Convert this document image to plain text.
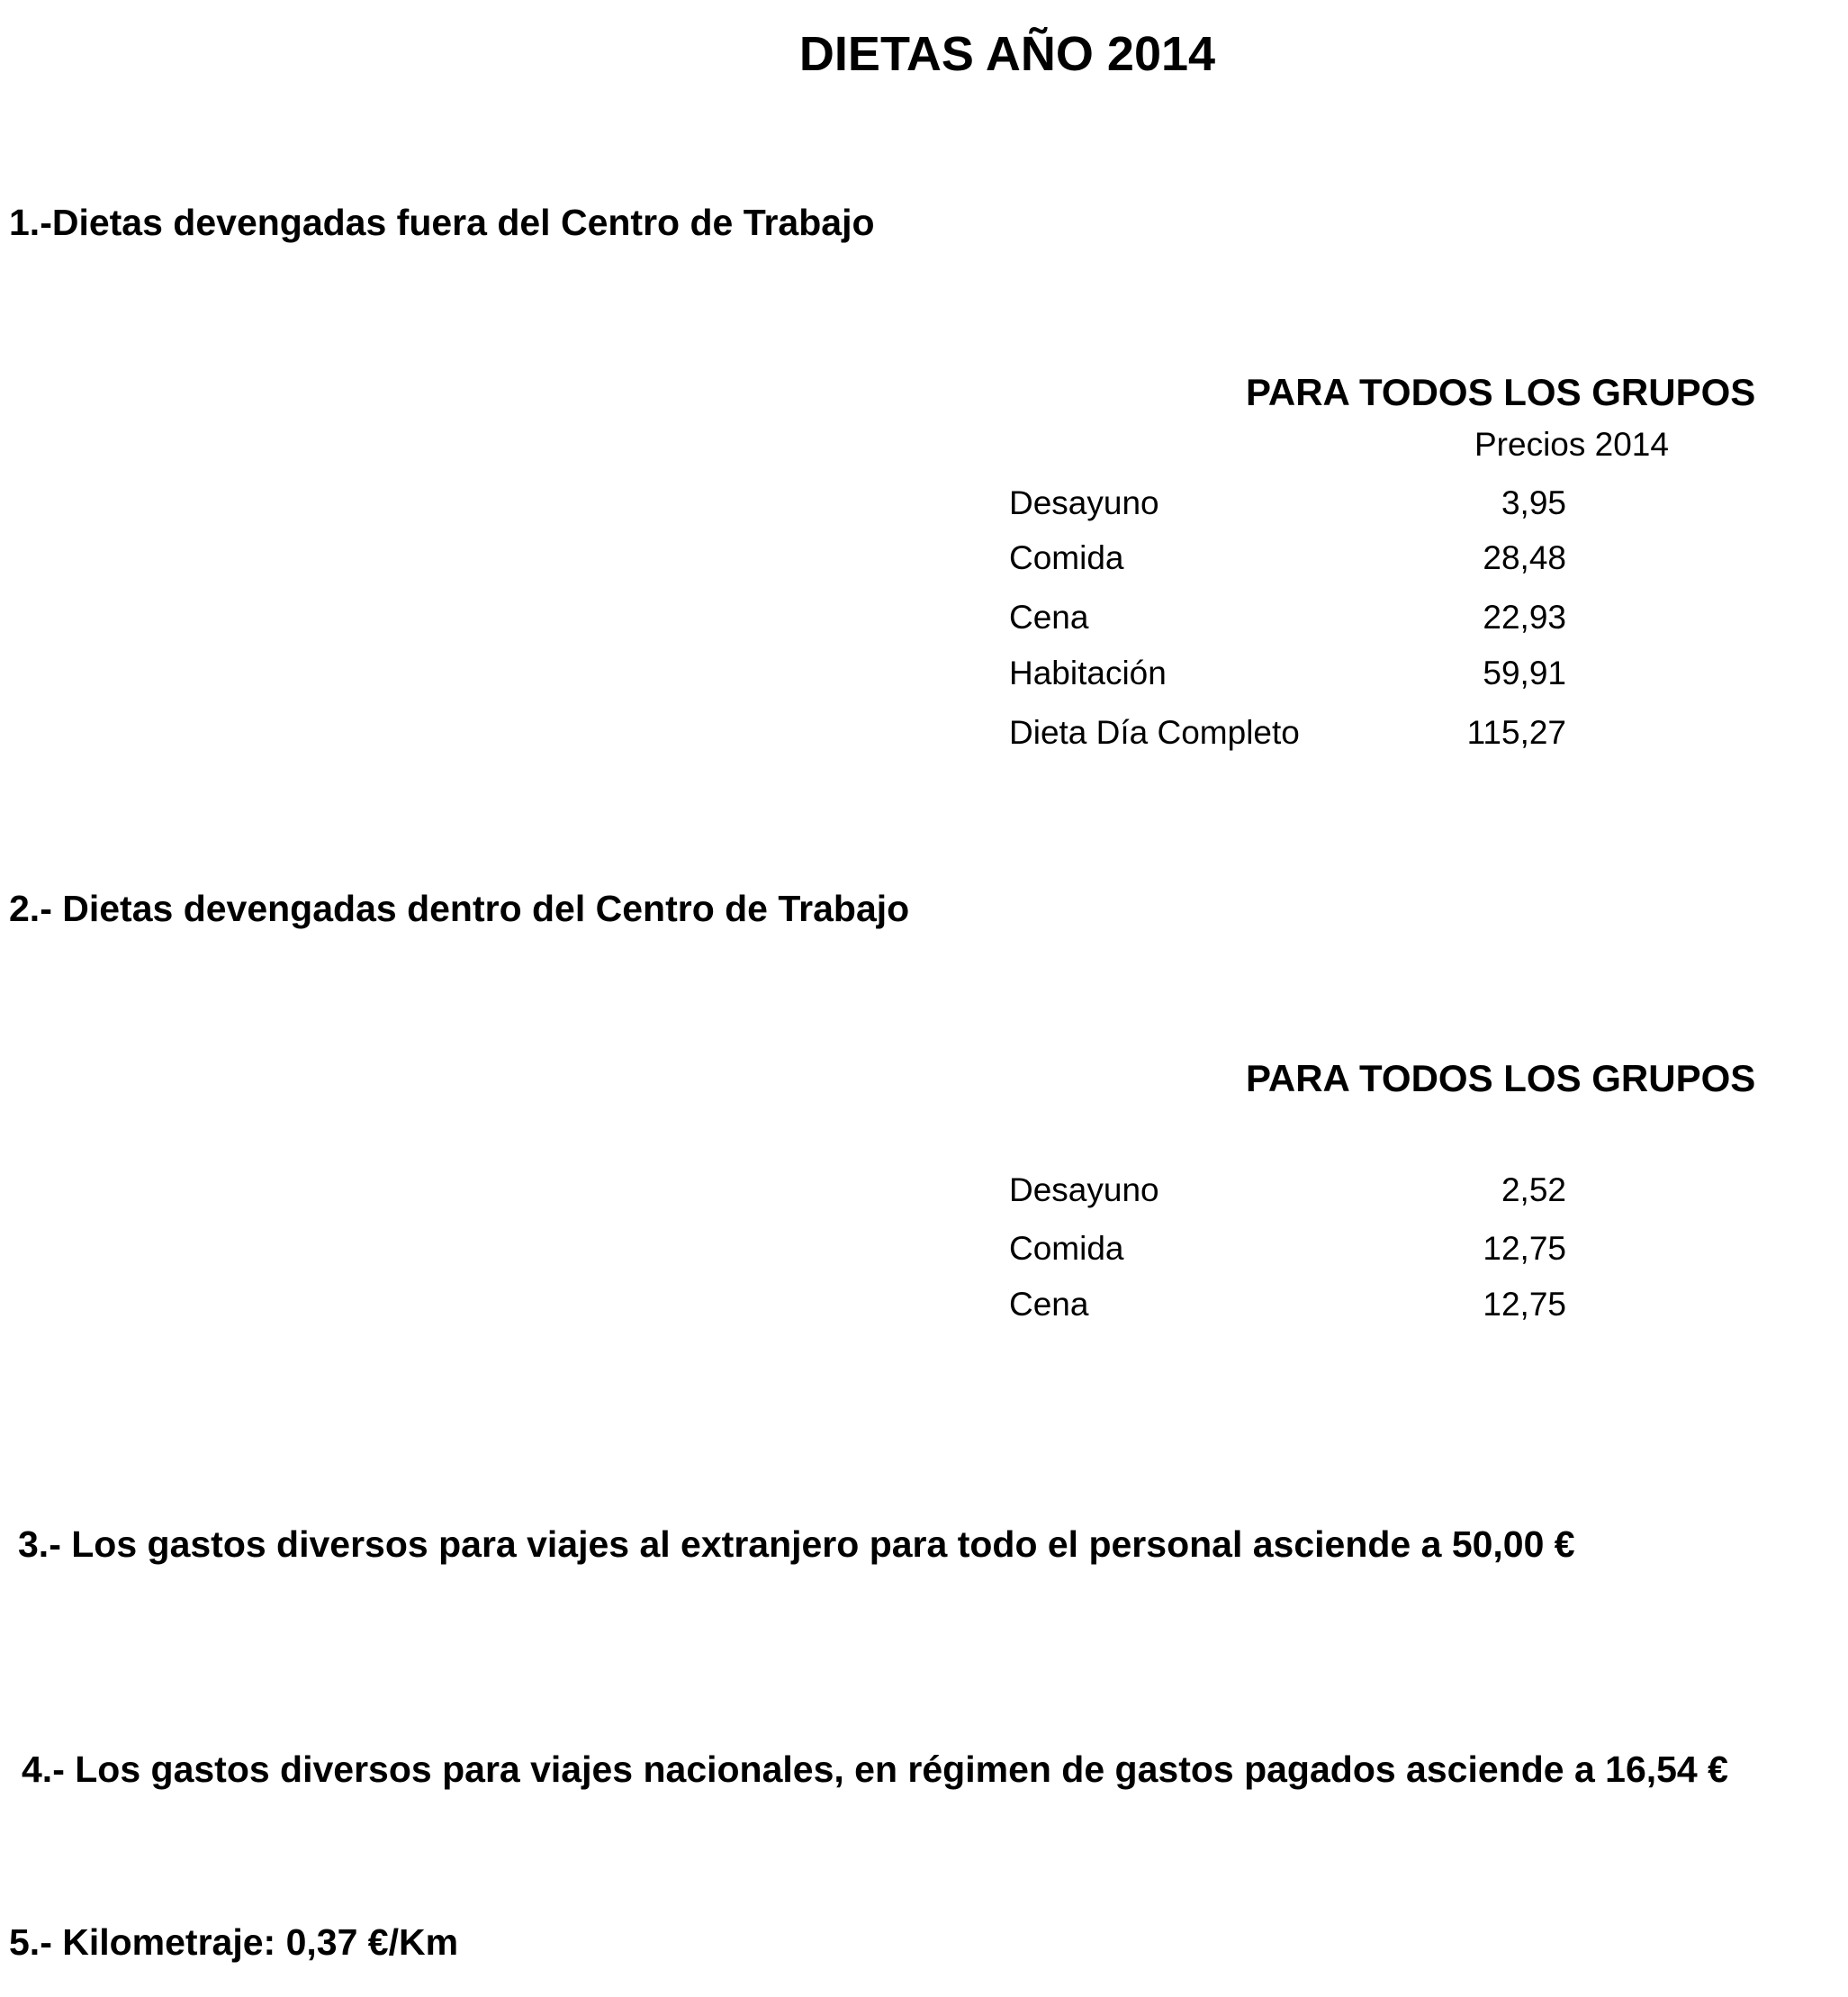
DIETAS AÑO 2014
1.-Dietas devengadas fuera del Centro de Trabajo
PARA TODOS LOS GRUPOS
Precios 2014
Desayuno	3,95
Comida	28,48
Cena	22,93
Habitación	59,91
Dieta Día Completo	115,27
2.- Dietas devengadas dentro del Centro de Trabajo
PARA TODOS LOS GRUPOS
Desayuno	2,52
Comida	12,75
Cena	12,75
3.- Los gastos diversos para viajes al extranjero para todo el personal asciende a 50,00 €
4.- Los gastos diversos para viajes nacionales, en régimen de gastos pagados asciende a 16,54 €
5.- Kilometraje: 0,37 €/Km
